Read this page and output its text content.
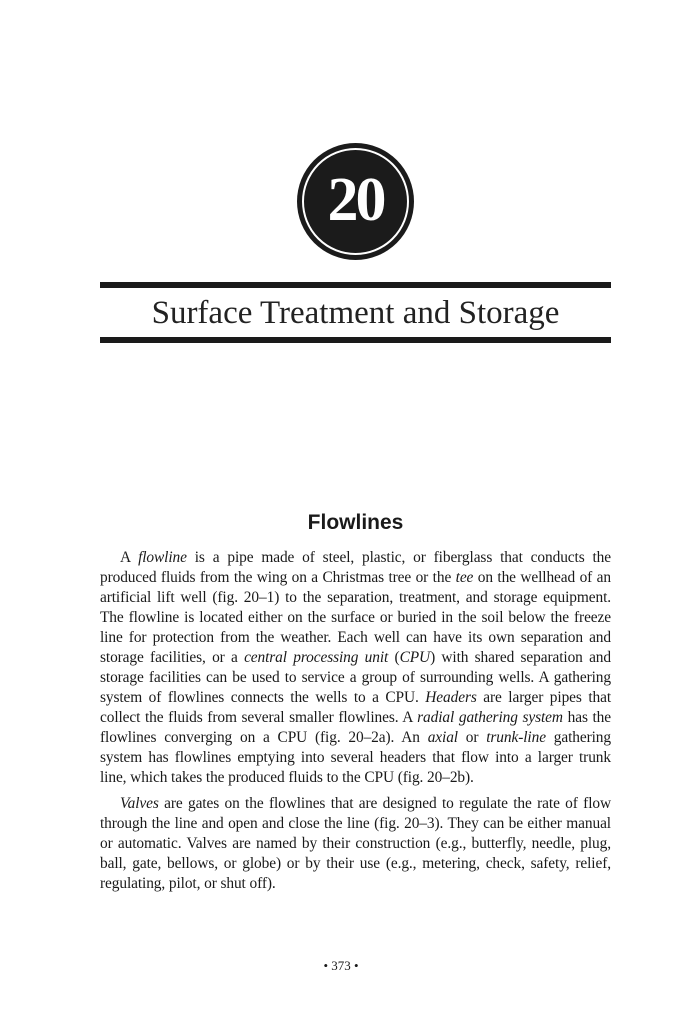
20
Surface Treatment and Storage
Flowlines

A flowline is a pipe made of steel, plastic, or fiberglass that conducts the produced fluids from the wing on a Christmas tree or the tee on the wellhead of an artificial lift well (fig. 20–1) to the separation, treatment, and storage equipment. The flowline is located either on the surface or buried in the soil below the freeze line for protection from the weather. Each well can have its own separation and storage facilities, or a central processing unit (CPU) with shared separation and storage facilities can be used to service a group of surrounding wells. A gathering system of flowlines connects the wells to a CPU. Headers are larger pipes that collect the fluids from several smaller flowlines. A radial gathering system has the flowlines converging on a CPU (fig. 20–2a). An axial or trunk-line gathering system has flowlines emptying into several headers that flow into a larger trunk line, which takes the produced fluids to the CPU (fig. 20–2b).

Valves are gates on the flowlines that are designed to regulate the rate of flow through the line and open and close the line (fig. 20–3). They can be either manual or automatic. Valves are named by their construction (e.g., butterfly, needle, plug, ball, gate, bellows, or globe) or by their use (e.g., metering, check, safety, relief, regulating, pilot, or shut off).

• 373 •
